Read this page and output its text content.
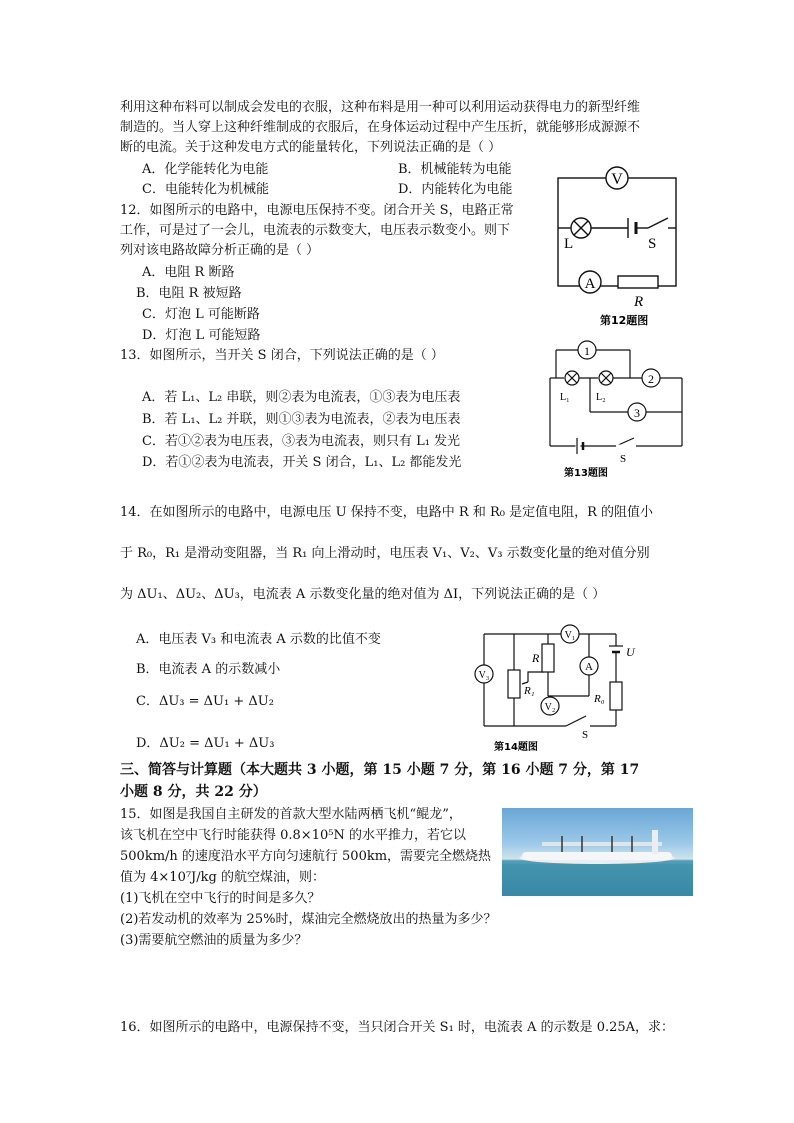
利用这种布料可以制成会发电的衣服，这种布料是用一种可以利用运动获得电力的新型纤维
制造的。当人穿上这种纤维制成的衣服后，在身体运动过程中产生压折，就能够形成源源不
断的电流。关于这种发电方式的能量转化，下列说法正确的是（ ）
A．化学能转化为电能	B．机械能转为电能
C．电能转化为机械能	D．内能转化为电能
12．如图所示的电路中，电源电压保持不变。闭合开关 S，电路正常
工作，可是过了一会儿，电流表的示数变大，电压表示数变小。则下
列对该电路故障分析正确的是（ ）
A．电阻 R 断路
B．电阻 R 被短路
C．灯泡 L 可能断路
D．灯泡 L 可能短路
V
A
L	S
R
第12题图
13．如图所示，当开关 S 闭合，下列说法正确的是（ ）
A．若 L₁、L₂ 串联，则②表为电流表，①③表为电压表
B．若 L₁、L₂ 并联，则①③表为电流表，②表为电压表
C．若①②表为电压表，③表为电流表，则只有 L₁ 发光
D．若①②表为电流表，开关 S 闭合，L₁、L₂ 都能发光
1
2
3
L₁	L₂
S
第13题图
14．在如图所示的电路中，电源电压 U 保持不变，电路中 R 和 R₀ 是定值电阻，R 的阻值小
于 R₀，R₁ 是滑动变阻器，当 R₁ 向上滑动时，电压表 V₁、V₂、V₃ 示数变化量的绝对值分别
为 ΔU₁、ΔU₂、ΔU₃，电流表 A 示数变化量的绝对值为 ΔI，下列说法正确的是（ ）
A．电压表 V₃ 和电流表 A 示数的比值不变
B．电流表 A 的示数减小
C．ΔU₃ = ΔU₁ + ΔU₂
D．ΔU₂ = ΔU₁ + ΔU₃
V₁
V₂
V₃
A
R
R₁
R₀
U
S
第14题图
三、简答与计算题（本大题共 3 小题，第 15 小题 7 分，第 16 小题 7 分，第 17
小题 8 分，共 22 分）
15．如图是我国自主研发的首款大型水陆两栖飞机“鲲龙”，
该飞机在空中飞行时能获得 0.8×10⁵N 的水平推力，若它以
500km/h 的速度沿水平方向匀速航行 500km，需要完全燃烧热
值为 4×10⁷J/kg 的航空煤油，则：
(1)飞机在空中飞行的时间是多久？
(2)若发动机的效率为 25%时，煤油完全燃烧放出的热量为多少？
(3)需要航空燃油的质量为多少？
16．如图所示的电路中，电源保持不变，当只闭合开关 S₁ 时，电流表 A 的示数是 0.25A，求：
